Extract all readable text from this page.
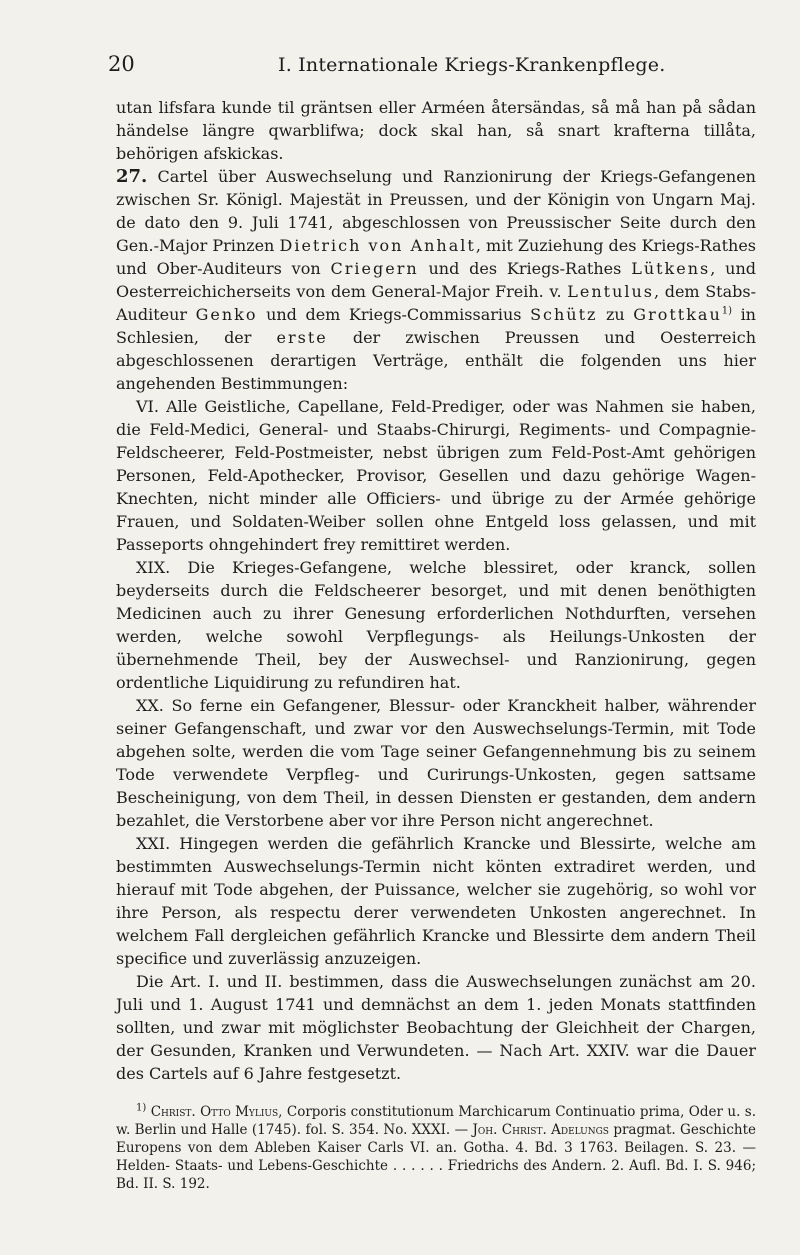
20	I. Internationale Kriegs-Krankenpflege.

utan lifsfara kunde til gräntsen eller Arméen återsändas, så må han på sådan händelse längre qwarblifwa; dock skal han, så snart krafterna tillåta, behörigen afskickas.

27. Cartel über Auswechselung und Ranzionirung der Kriegs-Gefangenen zwischen Sr. Königl. Majestät in Preussen, und der Königin von Ungarn Maj. de dato den 9. Juli 1741, abgeschlossen von Preussischer Seite durch den Gen.-Major Prinzen Dietrich von Anhalt, mit Zuziehung des Kriegs-Rathes und Ober-Auditeurs von Criegern und des Kriegs-Rathes Lütkens, und Oesterreichicherseits von dem General-Major Freih. v. Lentulus, dem Stabs-Auditeur Genko und dem Kriegs-Commissarius Schütz zu Grottkau$^{1)}$ in Schlesien, der erste der zwischen Preussen und Oesterreich abgeschlossenen derartigen Verträge, enthält die folgenden uns hier angehenden Bestimmungen:

VI. Alle Geistliche, Capellane, Feld-Prediger, oder was Nahmen sie haben, die Feld-Medici, General- und Staabs-Chirurgi, Regiments- und Compagnie-Feldscheerer, Feld-Postmeister, nebst übrigen zum Feld-Post-Amt gehörigen Personen, Feld-Apothecker, Provisor, Gesellen und dazu gehörige Wagen-Knechten, nicht minder alle Officiers- und übrige zu der Armée gehörige Frauen, und Soldaten-Weiber sollen ohne Entgeld loss gelassen, und mit Passeports ohngehindert frey remittiret werden.

XIX. Die Krieges-Gefangene, welche blessiret, oder kranck, sollen beyderseits durch die Feldscheerer besorget, und mit denen benöthigten Medicinen auch zu ihrer Genesung erforderlichen Nothdurften, versehen werden, welche sowohl Verpflegungs- als Heilungs-Unkosten der übernehmende Theil, bey der Auswechsel- und Ranzionirung, gegen ordentliche Liquidirung zu refundiren hat.

XX. So ferne ein Gefangener, Blessur- oder Kranckheit halber, währender seiner Gefangenschaft, und zwar vor den Auswechselungs-Termin, mit Tode abgehen solte, werden die vom Tage seiner Gefangennehmung bis zu seinem Tode verwendete Verpfleg- und Curirungs-Unkosten, gegen sattsame Bescheinigung, von dem Theil, in dessen Diensten er gestanden, dem andern bezahlet, die Verstorbene aber vor ihre Person nicht angerechnet.

XXI. Hingegen werden die gefährlich Krancke und Blessirte, welche am bestimmten Auswechselungs-Termin nicht könten extradiret werden, und hierauf mit Tode abgehen, der Puissance, welcher sie zugehörig, so wohl vor ihre Person, als respectu derer verwendeten Unkosten angerechnet. In welchem Fall dergleichen gefährlich Krancke und Blessirte dem andern Theil specifice und zuverlässig anzuzeigen.

Die Art. I. und II. bestimmen, dass die Auswechselungen zunächst am 20. Juli und 1. August 1741 und demnächst an dem 1. jeden Monats stattfinden sollten, und zwar mit möglichster Beobachtung der Gleichheit der Chargen, der Gesunden, Kranken und Verwundeten. — Nach Art. XXIV. war die Dauer des Cartels auf 6 Jahre festgesetzt.

$^{1)}$ Christ. Otto Mylius, Corporis constitutionum Marchicarum Continuatio prima, Oder u. s. w. Berlin und Halle (1745). fol. S. 354. No. XXXI. — Joh. Christ. Adelungs pragmat. Geschichte Europens von dem Ableben Kaiser Carls VI. an. Gotha. 4. Bd. 3 1763. Beilagen. S. 23. — Helden- Staats- und Lebens-Geschichte . . . . . . Friedrichs des Andern. 2. Aufl. Bd. I. S. 946; Bd. II. S. 192.
